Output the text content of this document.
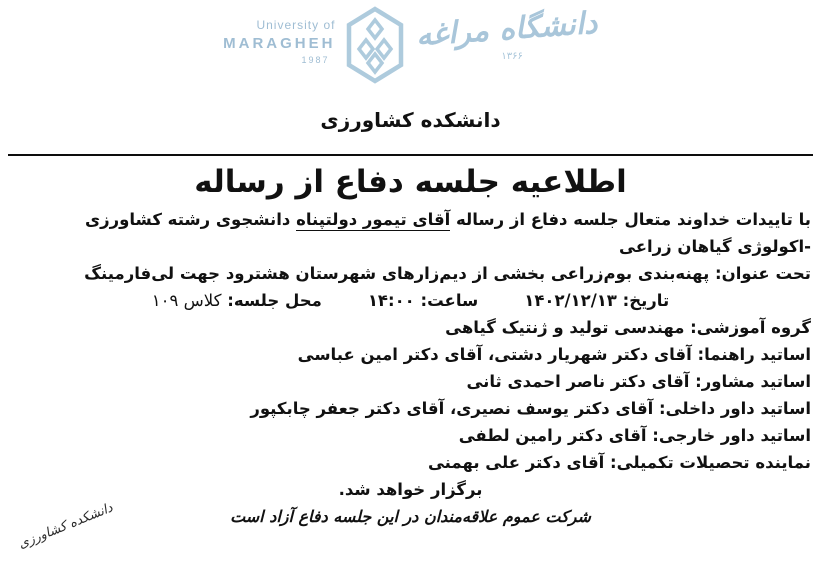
University of
MARAGHEH
1987
دانشگاه مراغه
۱۳۶۶
دانشکده کشاورزی
اطلاعیه جلسه دفاع از رساله
با تاییدات خداوند متعال جلسه دفاع از رساله آقای تیمور دولتپناه دانشجوی رشته کشاورزی -اکولوژی گیاهان زراعی
تحت عنوان: پهنه‌بندی بوم‌زراعی بخشی از دیم‌زارهای شهرستان هشترود جهت لی‌فارمینگ
تاریخ: ۱۴۰۲/۱۲/۱۳
ساعت: ۱۴:۰۰
محل جلسه: کلاس ۱۰۹
گروه آموزشی: مهندسی تولید و ژنتیک گیاهی
اساتید راهنما: آقای دکتر شهریار دشتی، آقای دکتر امین عباسی
اساتید مشاور: آقای دکتر ناصر احمدی ثانی
اساتید داور داخلی: آقای دکتر یوسف نصیری، آقای دکتر جعفر چابکپور
اساتید داور خارجی: آقای دکتر رامین لطفی
نماینده تحصیلات تکمیلی: آقای دکتر علی بهمنی
برگزار خواهد شد.
شرکت عموم علاقه‌مندان در این جلسه دفاع آزاد است
دانشکده کشاورزی
